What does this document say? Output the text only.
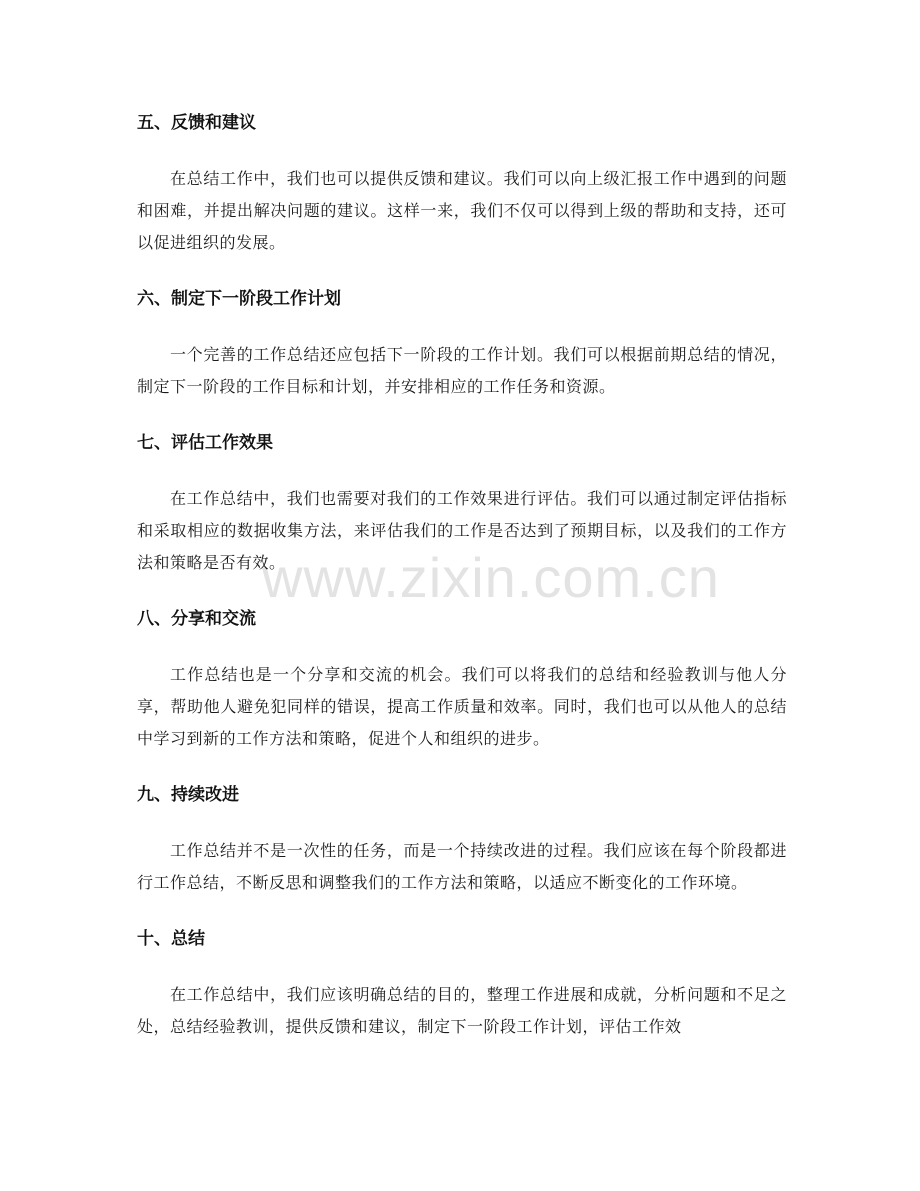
www.zixin.com.cn
五、反馈和建议

在总结工作中，我们也可以提供反馈和建议。我们可以向上级汇报工作中遇到的问题和困难，并提出解决问题的建议。这样一来，我们不仅可以得到上级的帮助和支持，还可以促进组织的发展。

六、制定下一阶段工作计划

一个完善的工作总结还应包括下一阶段的工作计划。我们可以根据前期总结的情况，制定下一阶段的工作目标和计划，并安排相应的工作任务和资源。

七、评估工作效果

在工作总结中，我们也需要对我们的工作效果进行评估。我们可以通过制定评估指标和采取相应的数据收集方法，来评估我们的工作是否达到了预期目标，以及我们的工作方法和策略是否有效。

八、分享和交流

工作总结也是一个分享和交流的机会。我们可以将我们的总结和经验教训与他人分享，帮助他人避免犯同样的错误，提高工作质量和效率。同时，我们也可以从他人的总结中学习到新的工作方法和策略，促进个人和组织的进步。

九、持续改进

工作总结并不是一次性的任务，而是一个持续改进的过程。我们应该在每个阶段都进行工作总结，不断反思和调整我们的工作方法和策略，以适应不断变化的工作环境。

十、总结

在工作总结中，我们应该明确总结的目的，整理工作进展和成就，分析问题和不足之处，总结经验教训，提供反馈和建议，制定下一阶段工作计划，评估工作效
